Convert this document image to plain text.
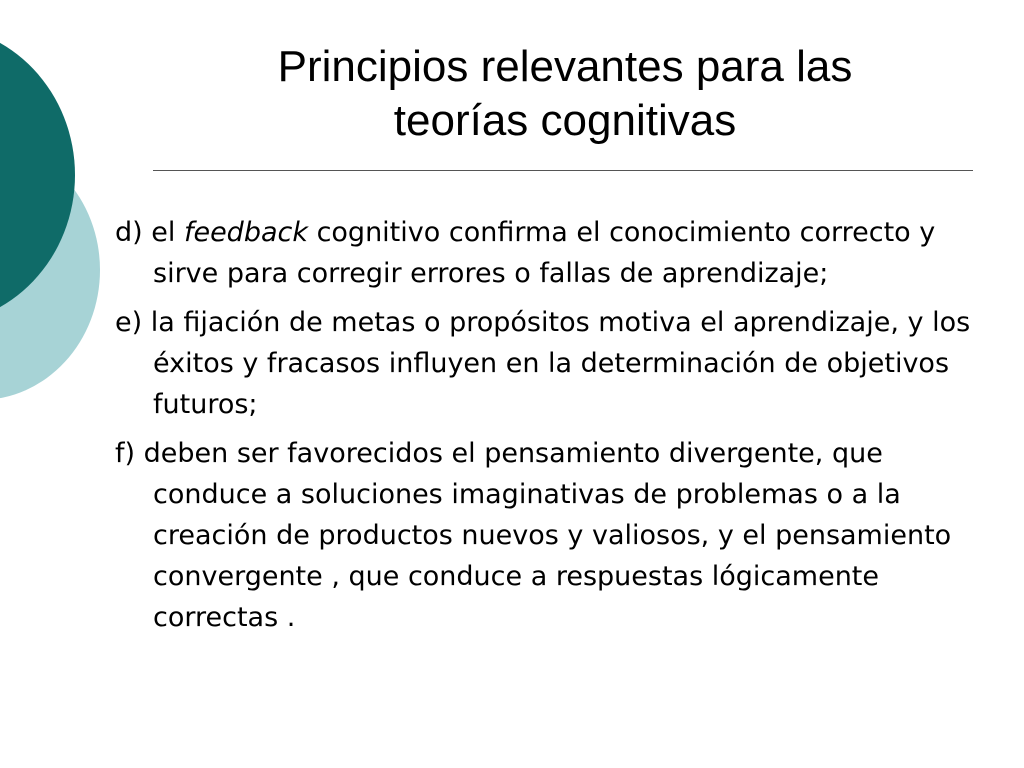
Principios relevantes para las
teorías cognitivas

d) el feedback cognitivo confirma el conocimiento correcto y sirve para corregir errores o fallas de aprendizaje;

e) la fijación de metas o propósitos motiva el aprendizaje, y los éxitos y fracasos influyen en la determinación de objetivos futuros;

f) deben ser favorecidos el pensamiento divergente, que conduce a soluciones imaginativas de problemas o a la creación de productos nuevos y valiosos, y el pensamiento convergente , que conduce a respuestas lógicamente correctas .
